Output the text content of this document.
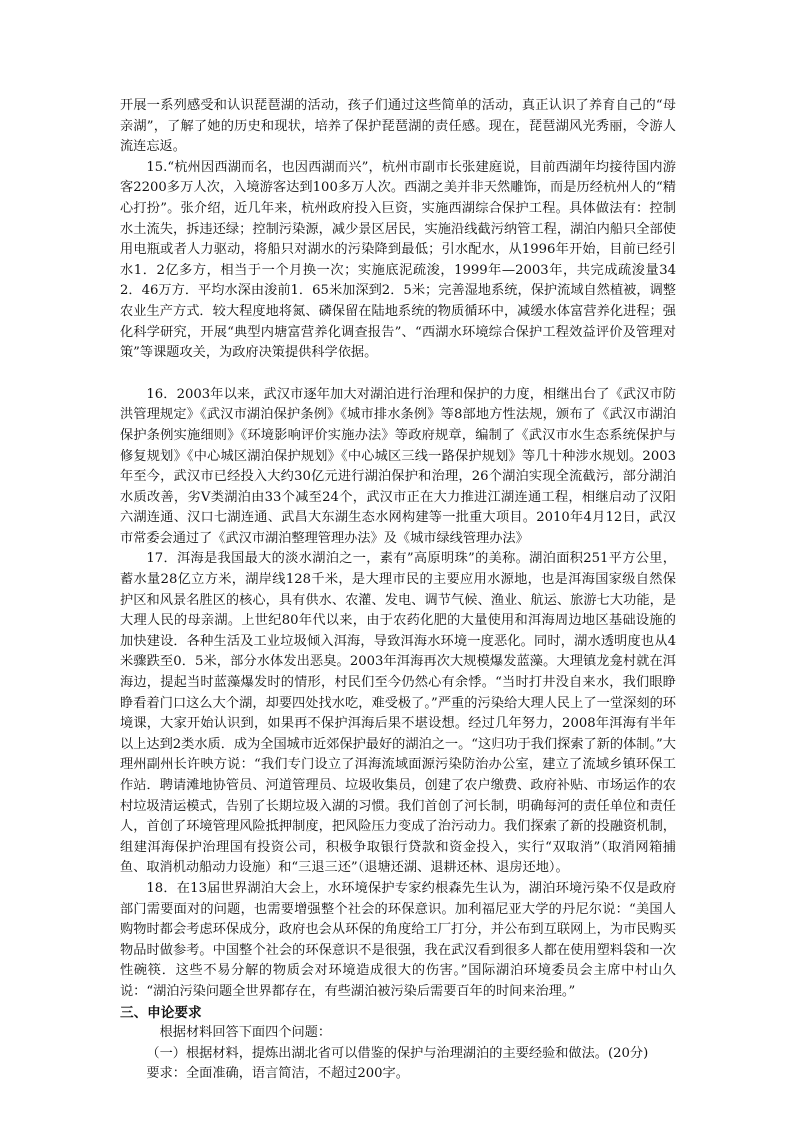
开展一系列感受和认识琵琶湖的活动，孩子们通过这些简单的活动，真正认识了养育自己的“母亲湖”，了解了她的历史和现状，培养了保护琵琶湖的责任感。现在，琵琶湖风光秀丽，令游人流连忘返。

15.“杭州因西湖而名，也因西湖而兴”，杭州市副市长张建庭说，目前西湖年均接待国内游客2200多万人次，入境游客达到100多万人次。西湖之美并非天然雕饰，而是历经杭州人的“精心打扮”。张介绍，近几年来，杭州政府投入巨资，实施西湖综合保护工程。具体做法有：控制水土流失，拆违还绿；控制污染源，减少景区居民，实施沿线截污纳管工程，湖泊内船只全部使用电瓶或者人力驱动，将船只对湖水的污染降到最低；引水配水，从1996年开始，目前已经引水1．2亿多方，相当于一个月换一次；实施底泥疏浚，1999年—2003年，共完成疏浚量342．46万方．平均水深由浚前1．65米加深到2．5米；完善湿地系统，保护流域自然植被，调整农业生产方式．较大程度地将氮、磷保留在陆地系统的物质循环中，减缓水体富营养化进程；强化科学研究，开展“典型内塘富营养化调查报告”、“西湖水环境综合保护工程效益评价及管理对策”等课题攻关，为政府决策提供科学依据。

16．2003年以来，武汉市逐年加大对湖泊进行治理和保护的力度，相继出台了《武汉市防洪管理规定》《武汉市湖泊保护条例》《城市排水条例》等8部地方性法规，颁布了《武汉市湖泊保护条例实施细则》《环境影响评价实施办法》等政府规章，编制了《武汉市水生态系统保护与修复规划》《中心城区湖泊保护规划》《中心城区三线一路保护规划》等几十种涉水规划。2003年至今，武汉市已经投入大约30亿元进行湖泊保护和治理，26个湖泊实现全流截污，部分湖泊水质改善，劣Ⅴ类湖泊由33个减至24个，武汉市正在大力推进江湖连通工程，相继启动了汉阳六湖连通、汉口七湖连通、武昌大东湖生态水网构建等一批重大项目。2010年4月12日，武汉市常委会通过了《武汉市湖泊整理管理办法》及《城市绿线管理办法》

17．洱海是我国最大的淡水湖泊之一，素有”高原明珠”的美称。湖泊面积251平方公里，蓄水量28亿立方米，湖岸线128千米，是大理市民的主要应用水源地，也是洱海国家级自然保护区和风景名胜区的核心，具有供水、农灌、发电、调节气候、渔业、航运、旅游七大功能，是大理人民的母亲湖。上世纪80年代以来，由于农药化肥的大量使用和洱海周边地区基础设施的加快建设．各种生活及工业垃圾倾入洱海，导致洱海水环境一度恶化。同时，湖水透明度也从4米骤跌至0．5米，部分水体发出恶臭。2003年洱海再次大规模爆发蓝藻。大理镇龙龛村就在洱海边，提起当时蓝藻爆发时的情形，村民们至今仍然心有余悸。“当时打井没自来水，我们眼睁睁看着门口这么大个湖，却要四处找水吃，难受极了。”严重的污染给大理人民上了一堂深刻的环境课，大家开始认识到，如果再不保护洱海后果不堪设想。经过几年努力，2008年洱海有半年以上达到2类水质．成为全国城市近郊保护最好的湖泊之一。“这归功于我们探索了新的体制。”大理州副州长许映方说：“我们专门设立了洱海流域面源污染防治办公室，建立了流域乡镇环保工作站．聘请滩地协管员、河道管理员、垃圾收集员，创建了农户缴费、政府补贴、市场运作的农村垃圾清运模式，告别了长期垃圾入湖的习惯。我们首创了河长制，明确每河的责任单位和责任人，首创了环境管理风险抵押制度，把风险压力变成了治污动力。我们探索了新的投融资机制，组建洱海保护治理国有投资公司，积极争取银行贷款和资金投入，实行“双取消”（取消网箱捕鱼、取消机动船动力设施）和“三退三还”（退塘还湖、退耕还林、退房还地）。

18．在13届世界湖泊大会上，水环境保护专家约根森先生认为，湖泊环境污染不仅是政府部门需要面对的问题，也需要增强整个社会的环保意识。加利福尼亚大学的丹尼尔说：“美国人购物时都会考虑环保成分，政府也会从环保的角度给工厂打分，并公布到互联网上，为市民购买物品时做参考。中国整个社会的环保意识不是很强，我在武汉看到很多人都在使用塑料袋和一次性碗筷．这些不易分解的物质会对环境造成很大的伤害。”国际湖泊环境委员会主席中村山久说：“湖泊污染问题全世界都存在，有些湖泊被污染后需要百年的时间来治理。”

三、申论要求

根据材料回答下面四个问题：

（一）根据材料，提炼出湖北省可以借鉴的保护与治理湖泊的主要经验和做法。(20分)

要求：全面准确，语言简洁，不超过200字。
